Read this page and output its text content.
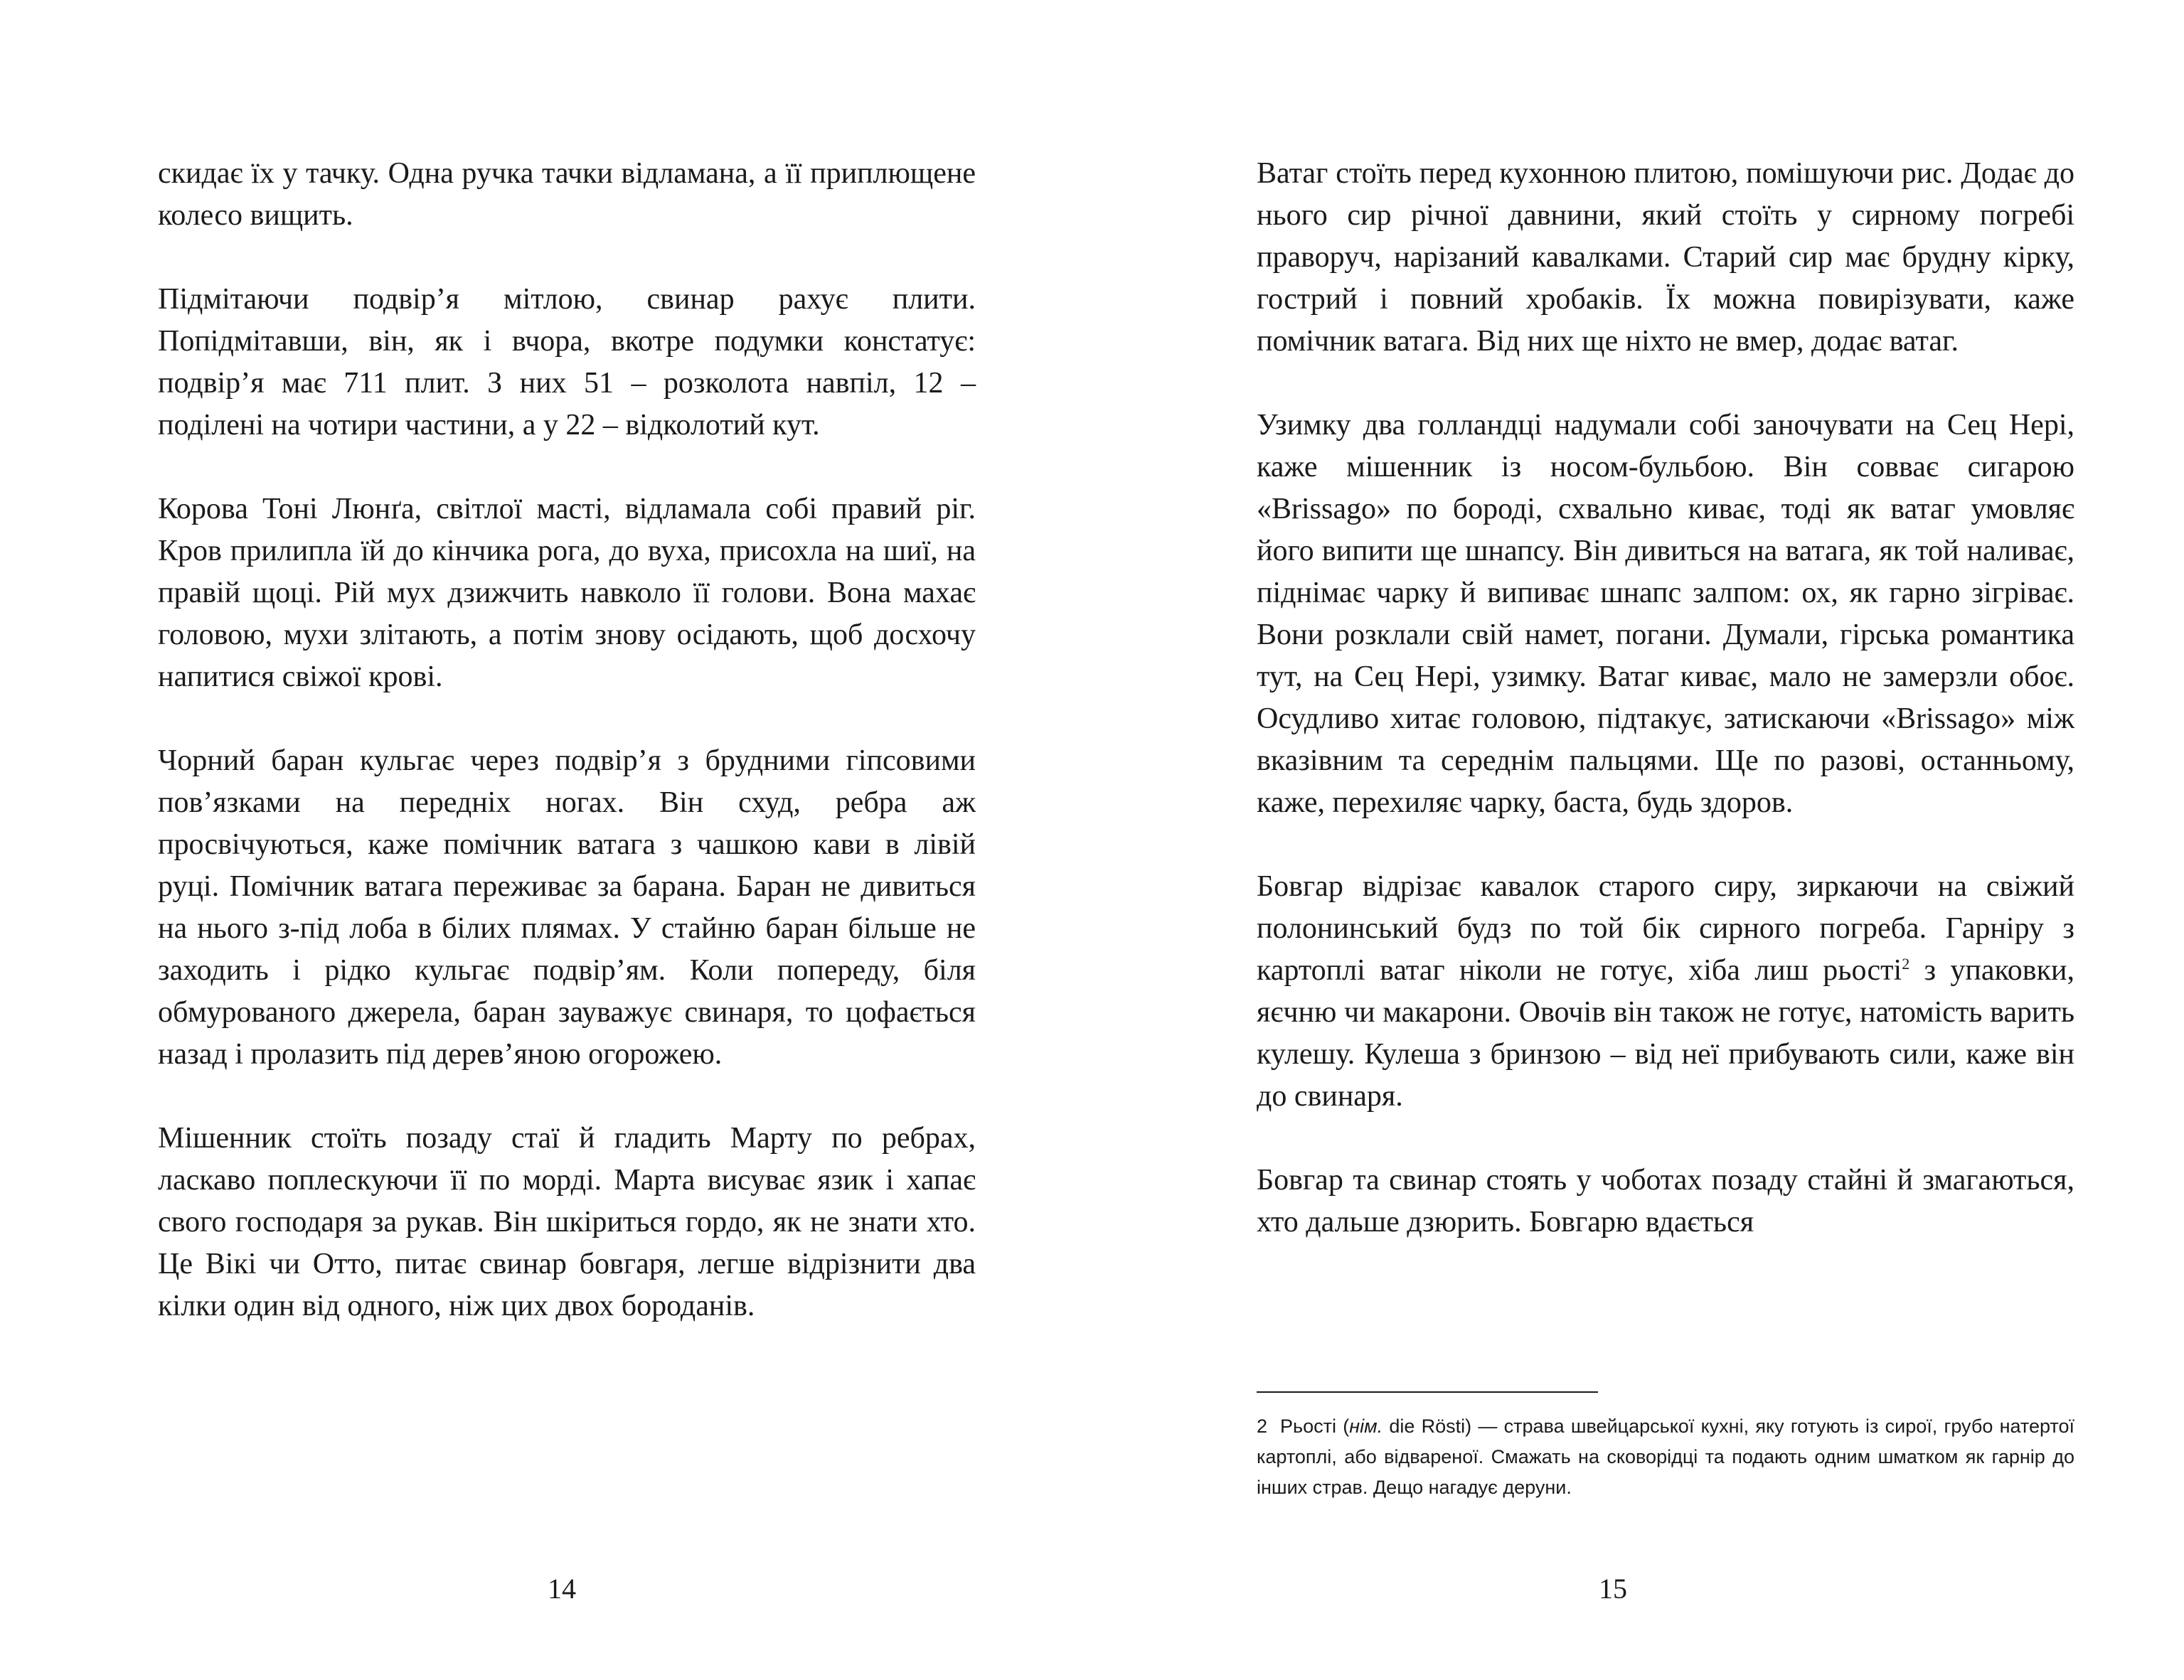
скидає їх у тачку. Одна ручка тачки відламана, а її приплющене колесо вищить.

Підмітаючи подвір’я мітлою, свинар рахує плити. Попідмітавши, він, як і вчора, вкотре подумки констатує: подвір’я має 711 плит. З них 51 – розколота навпіл, 12 – поділені на чотири частини, а у 22 – відколотий кут.

Корова Тоні Люнґа, світлої масті, відламала собі правий ріг. Кров прилипла їй до кінчика рога, до вуха, присохла на шиї, на правій щоці. Рій мух дзижчить навколо її голови. Вона махає головою, мухи злітають, а потім знову осідають, щоб досхочу напитися свіжої крові.

Чорний баран кульгає через подвір’я з брудними гіпсовими пов’язками на передніх ногах. Він схуд, ребра аж просвічуються, каже помічник ватага з чашкою кави в лівій руці. Помічник ватага переживає за барана. Баран не дивиться на нього з-під лоба в білих плямах. У стайню баран більше не заходить і рідко кульгає подвір’ям. Коли попереду, біля обмурованого джерела, баран зауважує свинаря, то цофається назад і пролазить під дерев’яною огорожею.

Мішенник стоїть позаду стаї й гладить Марту по ребрах, ласкаво поплескуючи її по морді. Марта висуває язик і хапає свого господаря за рукав. Він шкіриться гордо, як не знати хто. Це Вікі чи Отто, питає свинар бовгаря, легше відрізнити два кілки один від одного, ніж цих двох бороданів.

14

Ватаг стоїть перед кухонною плитою, помішуючи рис. Додає до нього сир річної давнини, який стоїть у сирному погребі праворуч, нарізаний кавалками. Старий сир має брудну кірку, гострий і повний хробаків. Їх можна повирізувати, каже помічник ватага. Від них ще ніхто не вмер, додає ватаг.

Узимку два голландці надумали собі заночувати на Сец Нері, каже мішенник із носом-бульбою. Він совває сигарою «Brissago» по бороді, схвально киває, тоді як ватаг умовляє його випити ще шнапсу. Він дивиться на ватага, як той наливає, піднімає чарку й випиває шнапс залпом: ох, як гарно зігріває. Вони розклали свій намет, погани. Думали, гірська романтика тут, на Сец Нері, узимку. Ватаг киває, мало не замерзли обоє. Осудливо хитає головою, підтакує, затискаючи «Brissago» між вказівним та середнім пальцями. Ще по разові, останньому, каже, перехиляє чарку, баста, будь здоров.

Бовгар відрізає кавалок старого сиру, зиркаючи на свіжий полонинський будз по той бік сирного погреба. Гарніру з картоплі ватаг ніколи не готує, хіба лиш рьості$^2$ з упаковки, яєчню чи макарони. Овочів він також не готує, натомість варить кулешу. Кулеша з бринзою – від неї прибувають сили, каже він до свинаря.

Бовгар та свинар стоять у чоботах позаду стайні й змагаються, хто дальше дзюрить. Бовгарю вдається

2 Рьості (нім. die Rösti) — страва швейцарської кухні, яку готують із сирої, грубо натертої картоплі, або відвареної. Смажать на сковорідці та подають одним шматком як гарнір до інших страв. Дещо нагадує деруни.
15
